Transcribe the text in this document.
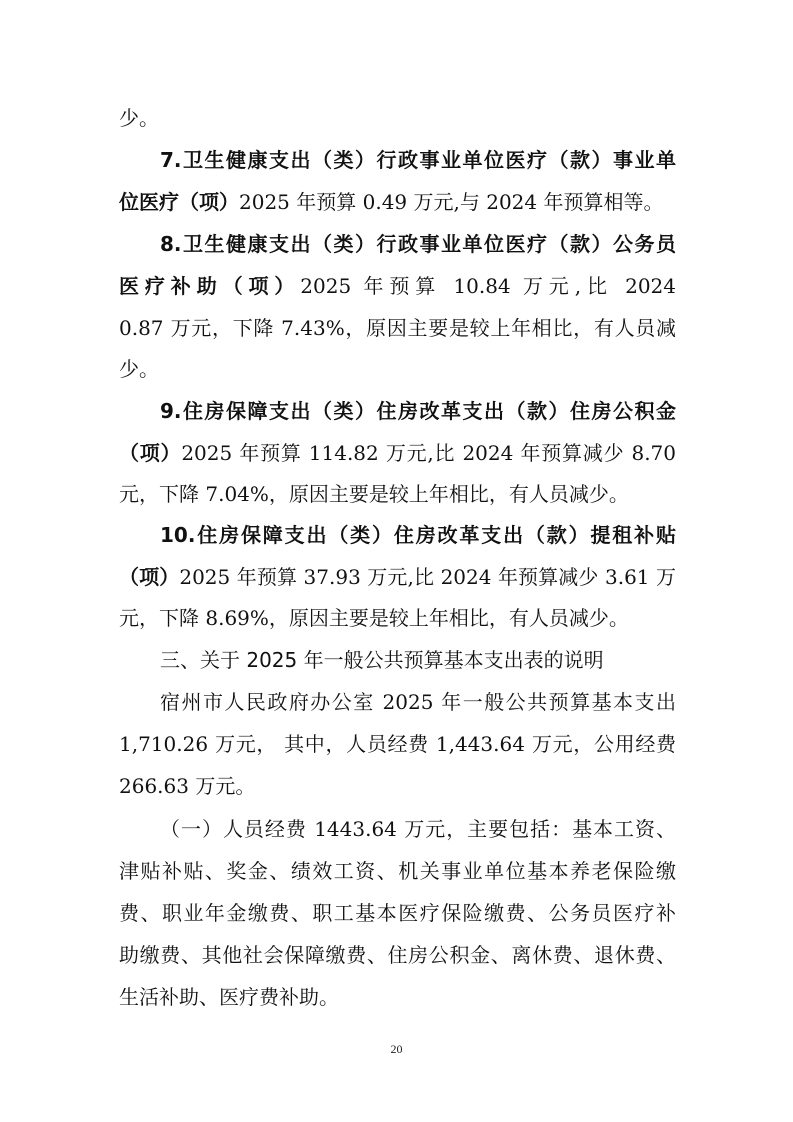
少。
7.卫生健康支出（类）行政事业单位医疗（款）事业单
位医疗（项）2025 年预算 0.49 万元,与 2024 年预算相等。
8.卫生健康支出（类）行政事业单位医疗（款）公务员
医疗补助（项）2025 年预算 10.84 万元,比 2024
0.87 万元，下降 7.43%，原因主要是较上年相比，有人员减
少。
9.住房保障支出（类）住房改革支出（款）住房公积金
（项）2025 年预算 114.82 万元,比 2024 年预算减少 8.70
元，下降 7.04%，原因主要是较上年相比，有人员减少。
10.住房保障支出（类）住房改革支出（款）提租补贴
（项）2025 年预算 37.93 万元,比 2024 年预算减少 3.61 万
元，下降 8.69%，原因主要是较上年相比，有人员减少。
三、关于 2025 年一般公共预算基本支出表的说明
宿州市人民政府办公室 2025 年一般公共预算基本支出
1,710.26 万元， 其中，人员经费 1,443.64 万元，公用经费
266.63 万元。
（一）人员经费 1443.64 万元，主要包括：基本工资、
津贴补贴、奖金、绩效工资、机关事业单位基本养老保险缴
费、职业年金缴费、职工基本医疗保险缴费、公务员医疗补
助缴费、其他社会保障缴费、住房公积金、离休费、退休费、
生活补助、医疗费补助。
20
